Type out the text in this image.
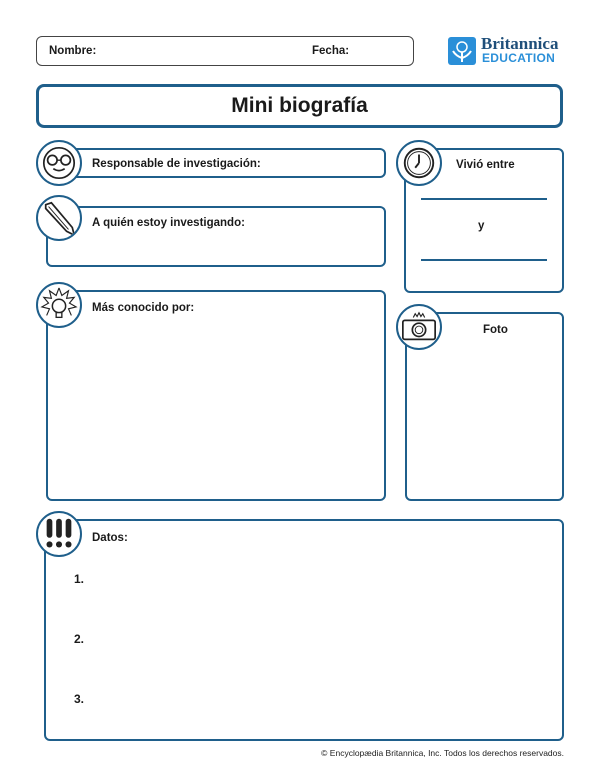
Nombre:	Fecha:	Britannica
EDUCATION
Mini biografía
Responsable de investigación:
A quién estoy investigando:
Vivió entre
y
Más conocido por:
Foto
Datos:
1.
2.
3.
© Encyclopædia Britannica, Inc. Todos los derechos reservados.
